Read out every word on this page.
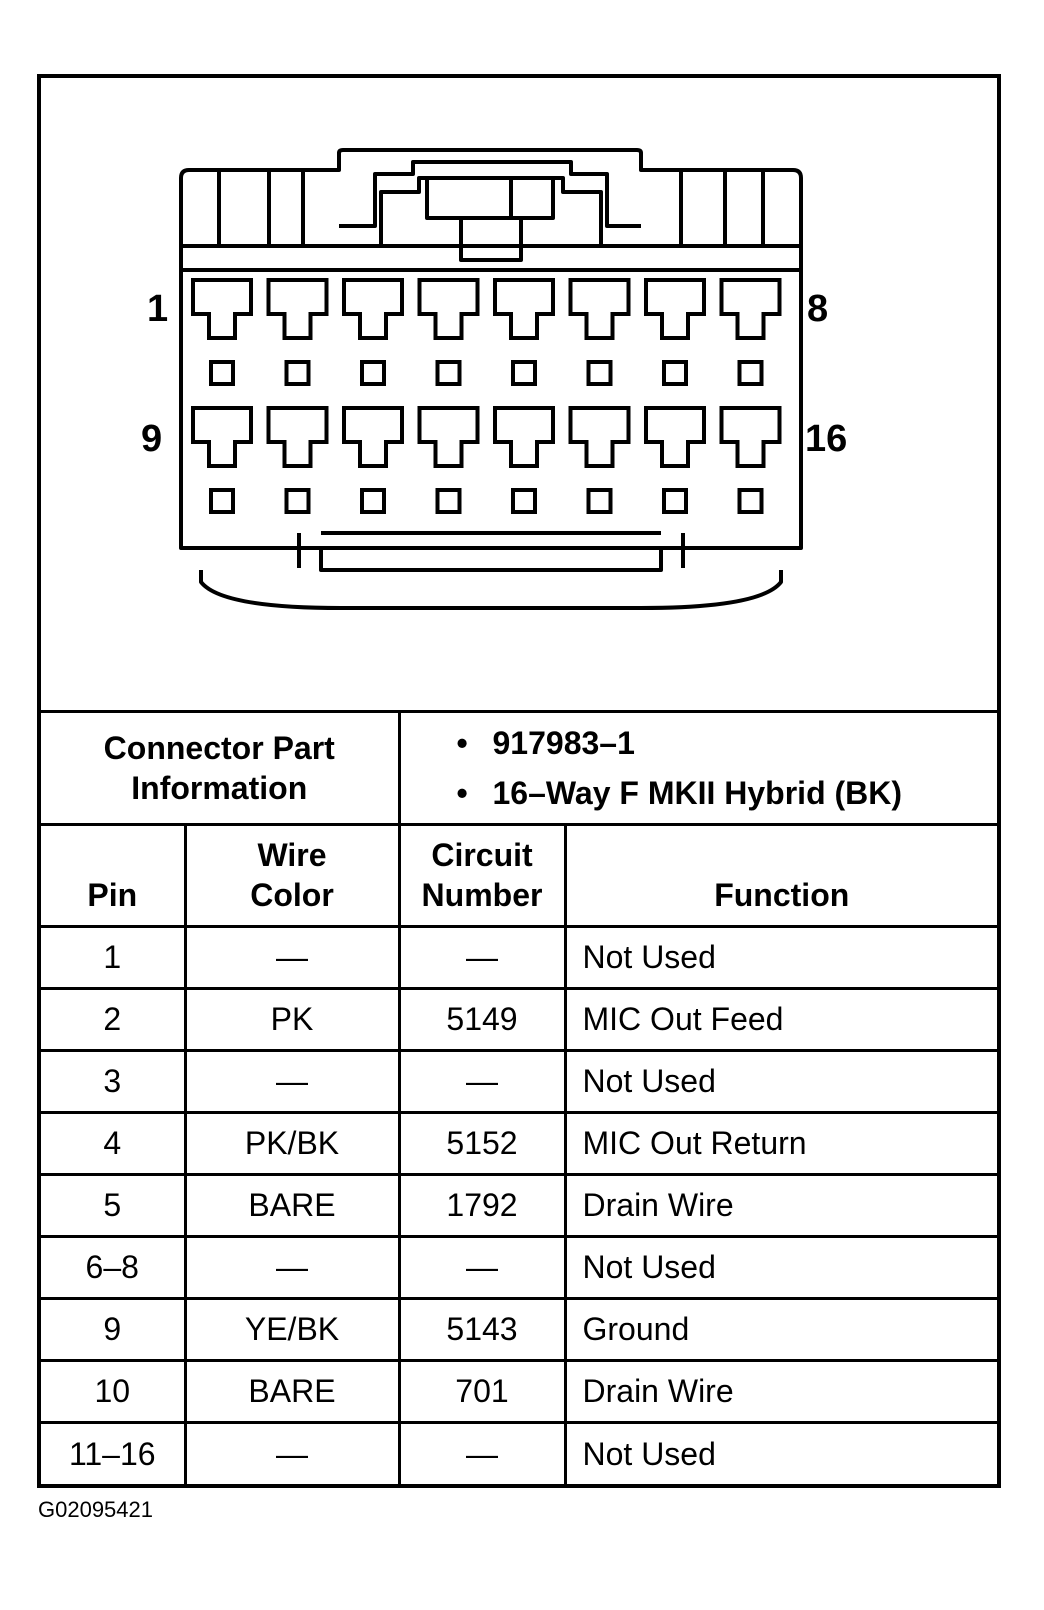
1	8
9	16
Connector Part Information		• 917983–1
• 16–Way F MKII Hybrid (BK)	

Pin	Wire Color	Circuit Number	Function
1	—	—	Not Used
2	PK	5149	MIC Out Feed
3	—	—	Not Used
4	PK/BK	5152	MIC Out Return
5	BARE	1792	Drain Wire
6–8	—	—	Not Used
9	YE/BK	5143	Ground
10	BARE	701	Drain Wire
11–16	—	—	Not Used
G02095421
